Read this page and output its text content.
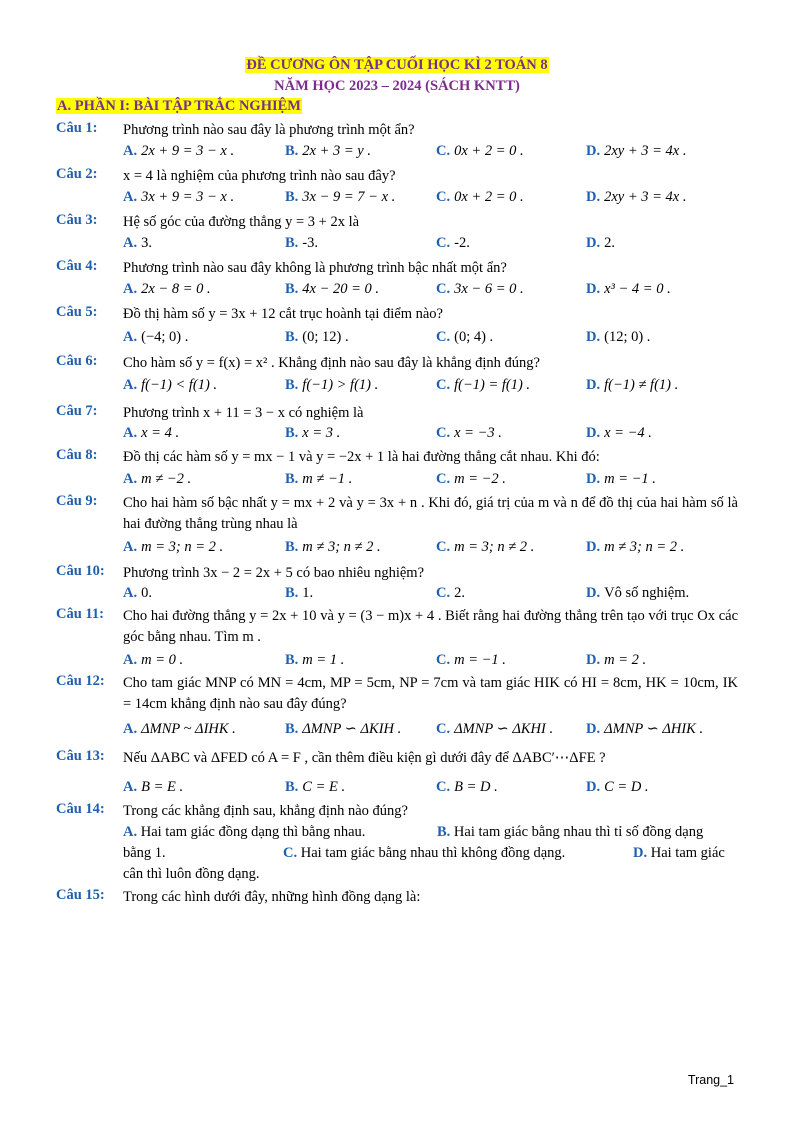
ĐỀ CƯƠNG ÔN TẬP CUỐI HỌC KÌ 2 TOÁN 8
NĂM HỌC 2023 – 2024 (SÁCH KNTT)
A. PHẦN I: BÀI TẬP TRẮC NGHIỆM
Câu 1: Phương trình nào sau đây là phương trình một ẩn?
A. 2x + 9 = 3 − x .	B. 2x + 3 = y .	C. 0x + 2 = 0 .	D. 2xy + 3 = 4x .
Câu 2: x = 4 là nghiệm của phương trình nào sau đây?
A. 3x + 9 = 3 − x .	B. 3x − 9 = 7 − x .	C. 0x + 2 = 0 .	D. 2xy + 3 = 4x .
Câu 3: Hệ số góc của đường thẳng y = 3 + 2x là
A. 3.	B. -3.	C. -2.	D. 2.
Câu 4: Phương trình nào sau đây không là phương trình bậc nhất một ẩn?
A. 2x − 8 = 0 .	B. 4x − 20 = 0 .	C. 3x − 6 = 0 .	D. x³ − 4 = 0 .
Câu 5: Đồ thị hàm số y = 3x + 12 cắt trục hoành tại điểm nào?
A. (−4; 0) .	B. (0; 12) .	C. (0; 4) .	D. (12; 0) .
Câu 6: Cho hàm số y = f(x) = x² . Khẳng định nào sau đây là khẳng định đúng?
A. f(−1) < f(1) .	B. f(−1) > f(1) .	C. f(−1) = f(1) .	D. f(−1) ≠ f(1) .
Câu 7: Phương trình x + 11 = 3 − x có nghiệm là
A. x = 4 .	B. x = 3 .	C. x = −3 .	D. x = −4 .
Câu 8: Đồ thị các hàm số y = mx − 1 và y = −2x + 1 là hai đường thẳng cắt nhau. Khi đó:
A. m ≠ −2 .	B. m ≠ −1 .	C. m = −2 .	D. m = −1 .
Câu 9: Cho hai hàm số bậc nhất y = mx + 2 và y = 3x + n . Khi đó, giá trị của m và n để đồ thị của hai hàm số là hai đường thẳng trùng nhau là
A. m = 3; n = 2 .	B. m ≠ 3; n ≠ 2 .	C. m = 3; n ≠ 2 .	D. m ≠ 3; n = 2 .
Câu 10: Phương trình 3x − 2 = 2x + 5 có bao nhiêu nghiệm?
A. 0.	B. 1.	C. 2.	D. Vô số nghiệm.
Câu 11: Cho hai đường thẳng y = 2x + 10 và y = (3 − m)x + 4 . Biết rằng hai đường thẳng trên tạo với trục Ox các góc bằng nhau. Tìm m .
A. m = 0 .	B. m = 1 .	C. m = −1 .	D. m = 2 .
Câu 12: Cho tam giác MNP có MN = 4cm, MP = 5cm, NP = 7cm và tam giác HIK có HI = 8cm, HK = 10cm, IK = 14cm khẳng định nào sau đây đúng?
A. ΔMNP ~ ΔIHK .	B. ΔMNP ∽ ΔKIH . C. ΔMNP ∽ ΔKHI . D. ΔMNP ∽ ΔHIK .
Câu 13: Nếu ΔABC và ΔFED có A = F , cần thêm điều kiện gì dưới đây để ΔABC′⋯ΔFE ?
A. B = E .	B. C = E .	C. B = D .	D. C = D .
Câu 14: Trong các khẳng định sau, khẳng định nào đúng?
A. Hai tam giác đồng dạng thì bằng nhau.	B. Hai tam giác bằng nhau thì tỉ số đồng dạng
bằng 1.	C. Hai tam giác bằng nhau thì không đồng dạng.	D. Hai tam giác
cân thì luôn đồng dạng.
Câu 15: Trong các hình dưới đây, những hình đồng dạng là:
Trang_1
